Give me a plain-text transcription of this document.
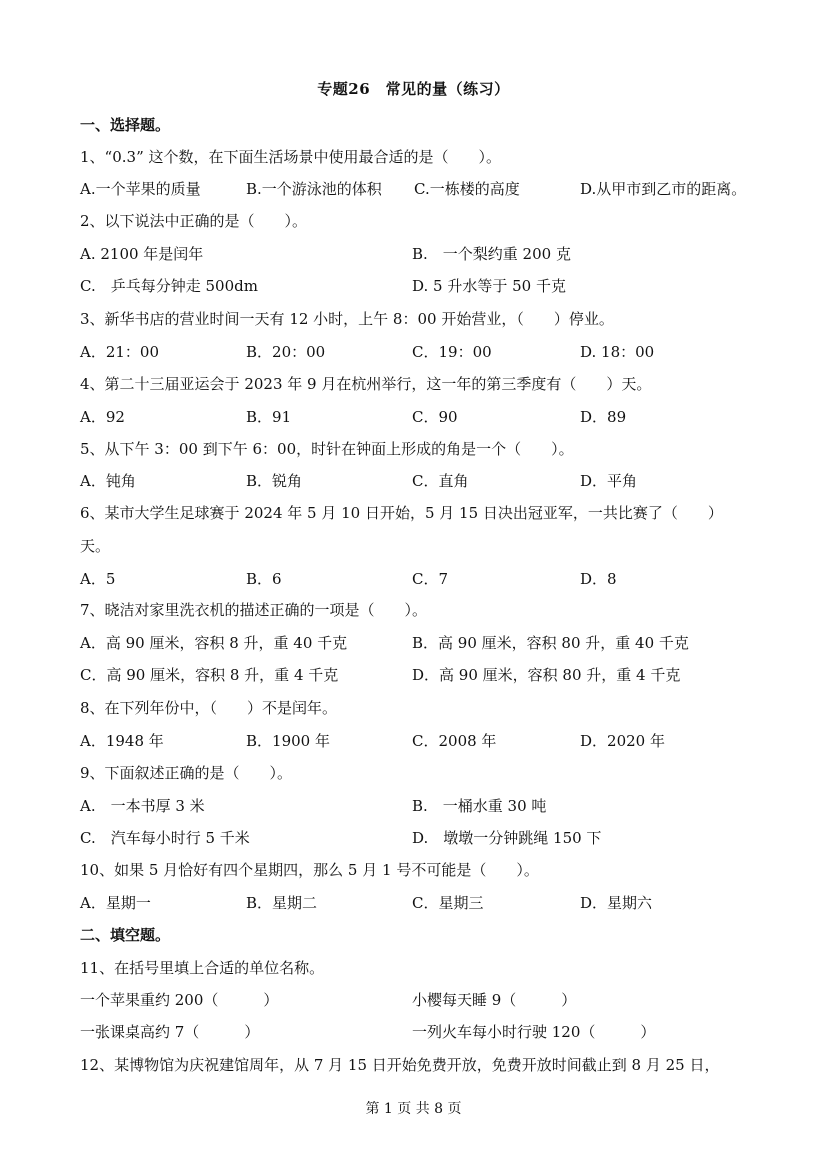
专题26　常见的量（练习）
一、选择题。
1、“0.3” 这个数，在下面生活场景中使用最合适的是（　　）。
A.一个苹果的质量	B.一个游泳池的体积 C.一栋楼的高度	D.从甲市到乙市的距离。
2、以下说法中正确的是（　　）。
A. 2100 年是闰年	B.　一个梨约重 200 克
C.　乒乓每分钟走 500dm	D. 5 升水等于 50 千克
3、新华书店的营业时间一天有 12 小时，上午 8：00 开始营业，（　　）停业。
A．21：00	B．20：00	C．19：00	D. 18：00
4、第二十三届亚运会于 2023 年 9 月在杭州举行，这一年的第三季度有（　　）天。
A．92	B．91	C．90	D．89
5、从下午 3：00 到下午 6：00，时针在钟面上形成的角是一个（　　）。
A．钝角	B．锐角	C．直角	D．平角
6、某市大学生足球赛于 2024 年 5 月 10 日开始，5 月 15 日决出冠亚军，一共比赛了（　　）
天。
A．5	B．6	C．7	D．8
7、晓洁对家里洗衣机的描述正确的一项是（　　）。
A．高 90 厘米，容积 8 升，重 40 千克	B．高 90 厘米，容积 80 升，重 40 千克
C．高 90 厘米，容积 8 升，重 4 千克	D．高 90 厘米，容积 80 升，重 4 千克
8、在下列年份中，（　　）不是闰年。
A．1948 年	B．1900 年	C．2008 年	D．2020 年
9、下面叙述正确的是（　　）。
A.　一本书厚 3 米	B.　一桶水重 30 吨
C.　汽车每小时行 5 千米	D.　墩墩一分钟跳绳 150 下
10、如果 5 月恰好有四个星期四，那么 5 月 1 号不可能是（　　）。
A．星期一	B．星期二	C．星期三	D．星期六
二、填空题。
11、在括号里填上合适的单位名称。
一个苹果重约 200（　　　）	小樱每天睡 9（　　　）
一张课桌高约 7（　　　）	一列火车每小时行驶 120（　　　）
12、某博物馆为庆祝建馆周年，从 7 月 15 日开始免费开放，免费开放时间截止到 8 月 25 日，
第 1 页 共 8 页
